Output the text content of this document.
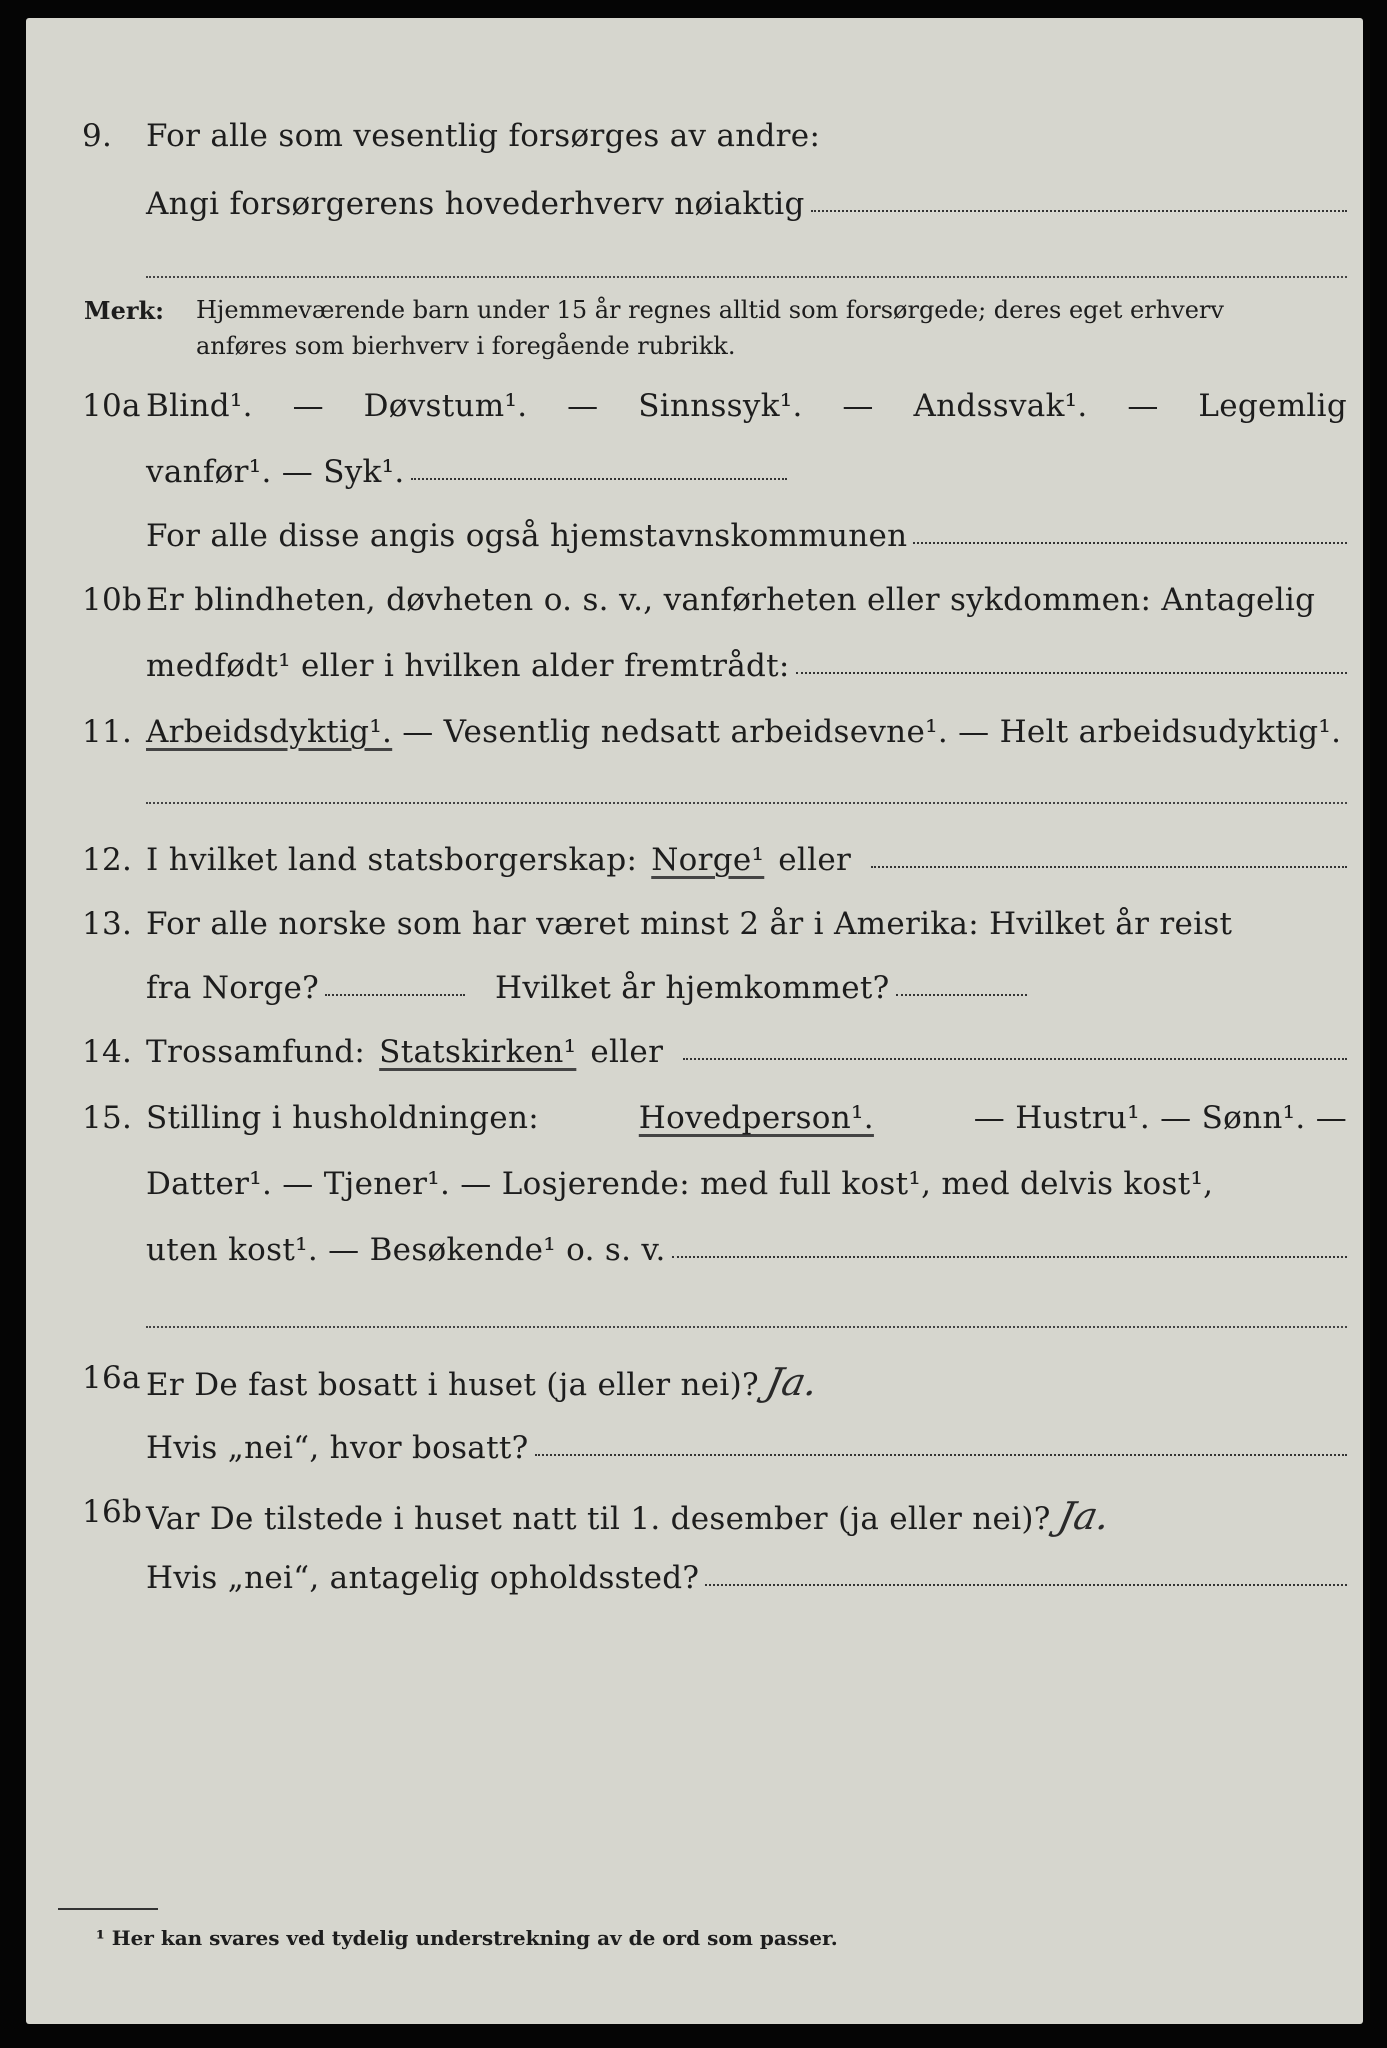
9. For alle som vesentlig forsørges av andre:
Angi forsørgerens hovederhverv nøiaktig
Merk: Hjemmeværende barn under 15 år regnes alltid som forsørgede; deres eget erhverv
anføres som bierhverv i foregående rubrikk.
10a Blind¹. — Døvstum¹. — Sinnssyk¹. — Andssvak¹. — Legemlig
vanfør¹. — Syk¹.
For alle disse angis også hjemstavnskommunen
10b Er blindheten, døvheten o. s. v., vanførheten eller sykdommen: Antagelig
medfødt¹ eller i hvilken alder fremtrådt:
11. Arbeidsdyktig¹. — Vesentlig nedsatt arbeidsevne¹. — Helt arbeidsudyktig¹.
12. I hvilket land statsborgerskap: Norge¹ eller
13. For alle norske som har været minst 2 år i Amerika: Hvilket år reist
fra Norge?	Hvilket år hjemkommet?
14. Trossamfund: Statskirken¹ eller
15. Stilling i husholdningen:	Hovedperson¹.	— Hustru¹. — Sønn¹. —
Datter¹. — Tjener¹. — Losjerende: med full kost¹, med delvis kost¹,
uten kost¹. — Besøkende¹ o. s. v.
16a Er De fast bosatt i huset (ja eller nei)? Ja.
Hvis „nei“, hvor bosatt?
16b Var De tilstede i huset natt til 1. desember (ja eller nei)? Ja.
Hvis „nei“, antagelig opholdssted?
¹ Her kan svares ved tydelig understrekning av de ord som passer.
